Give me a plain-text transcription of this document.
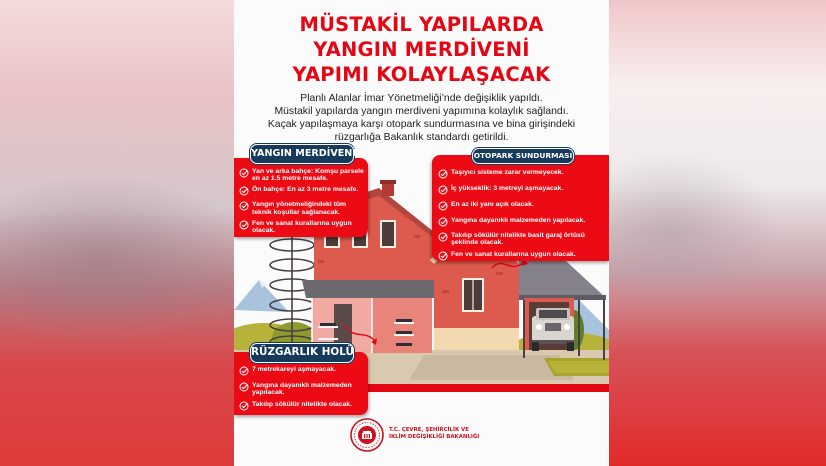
MÜSTAKİL YAPILARDA
YANGIN MERDİVENİ
YAPIMI KOLAYLAŞACAK
Planlı Alanlar İmar Yönetmeliği’nde değişiklik yapıldı.
Müstakil yapılarda yangın merdiveni yapımına kolaylık sağlandı.
Kaçak yapılaşmaya karşı otopark sundurmasına ve bina girişindeki
rüzgarlığa Bakanlık standardı getirildi.
Yan ve arka bahçe: Komşu parsele en az 1.5 metre mesafe.
Ön bahçe: En az 3 metre mesafe.
Yangın yönetmeliğindeki tüm teknik koşullar sağlanacak.
Fen ve sanat kurallarına uygun olacak.
YANGIN MERDİVENİ
Taşıyıcı sisteme zarar vermeyecek.
İç yükseklik: 3 metreyi aşmayacak.
En az iki yanı açık olacak.
Yangına dayanıklı malzemeden yapılacak.
Takılıp sökülür nitelikte basit garaj örtüsü şeklinde olacak.
Fen ve sanat kurallarına uygun olacak.
OTOPARK SUNDURMASI
7 metrekareyi aşmayacak.
Yangına dayanıklı malzemeden yapılacak.
Takılıp sökülür nitelikte olacak.
RÜZGARLIK HOLÜ
T.C. ÇEVRE, ŞEHİRCİLİK VE
İKLİM DEĞİŞİKLİĞİ BAKANLIĞI
